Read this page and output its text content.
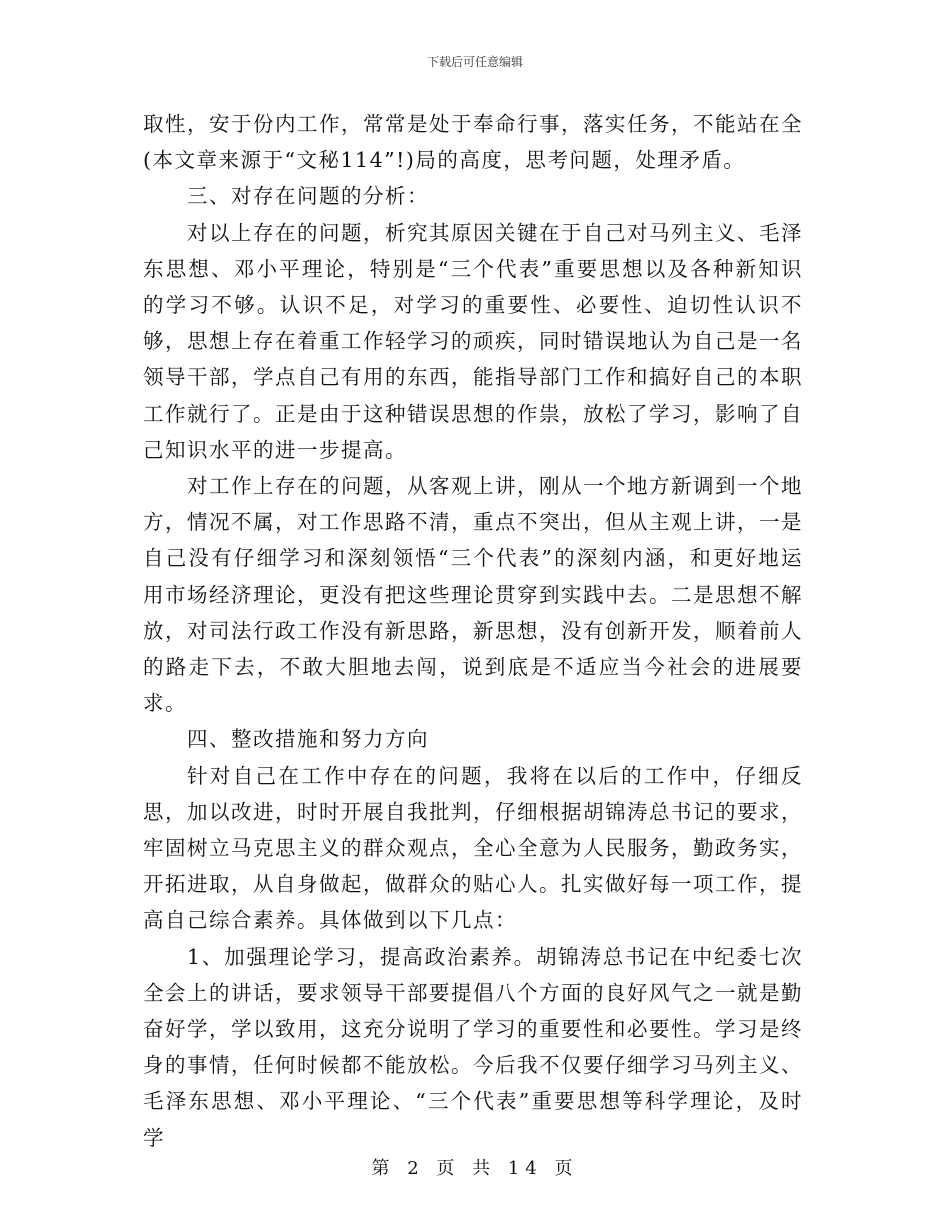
下载后可任意编辑

取性，安于份内工作，常常是处于奉命行事，落实任务，不能站在全(本文章来源于“文秘114”!)局的高度，思考问题，处理矛盾。

三、对存在问题的分析：

对以上存在的问题，析究其原因关键在于自己对马列主义、毛泽东思想、邓小平理论，特别是“三个代表”重要思想以及各种新知识的学习不够。认识不足，对学习的重要性、必要性、迫切性认识不够，思想上存在着重工作轻学习的顽疾，同时错误地认为自己是一名领导干部，学点自己有用的东西，能指导部门工作和搞好自己的本职工作就行了。正是由于这种错误思想的作祟，放松了学习，影响了自己知识水平的进一步提高。

对工作上存在的问题，从客观上讲，刚从一个地方新调到一个地方，情况不属，对工作思路不清，重点不突出，但从主观上讲，一是自己没有仔细学习和深刻领悟“三个代表”的深刻内涵，和更好地运用市场经济理论，更没有把这些理论贯穿到实践中去。二是思想不解放，对司法行政工作没有新思路，新思想，没有创新开发，顺着前人的路走下去，不敢大胆地去闯，说到底是不适应当今社会的进展要求。

四、整改措施和努力方向

针对自己在工作中存在的问题，我将在以后的工作中，仔细反思，加以改进，时时开展自我批判，仔细根据胡锦涛总书记的要求，牢固树立马克思主义的群众观点，全心全意为人民服务，勤政务实，开拓进取，从自身做起，做群众的贴心人。扎实做好每一项工作，提高自己综合素养。具体做到以下几点：

1、加强理论学习，提高政治素养。胡锦涛总书记在中纪委七次全会上的讲话，要求领导干部要提倡八个方面的良好风气之一就是勤奋好学，学以致用，这充分说明了学习的重要性和必要性。学习是终身的事情，任何时候都不能放松。今后我不仅要仔细学习马列主义、毛泽东思想、邓小平理论、“三个代表”重要思想等科学理论，及时学

第 2 页 共 14 页
